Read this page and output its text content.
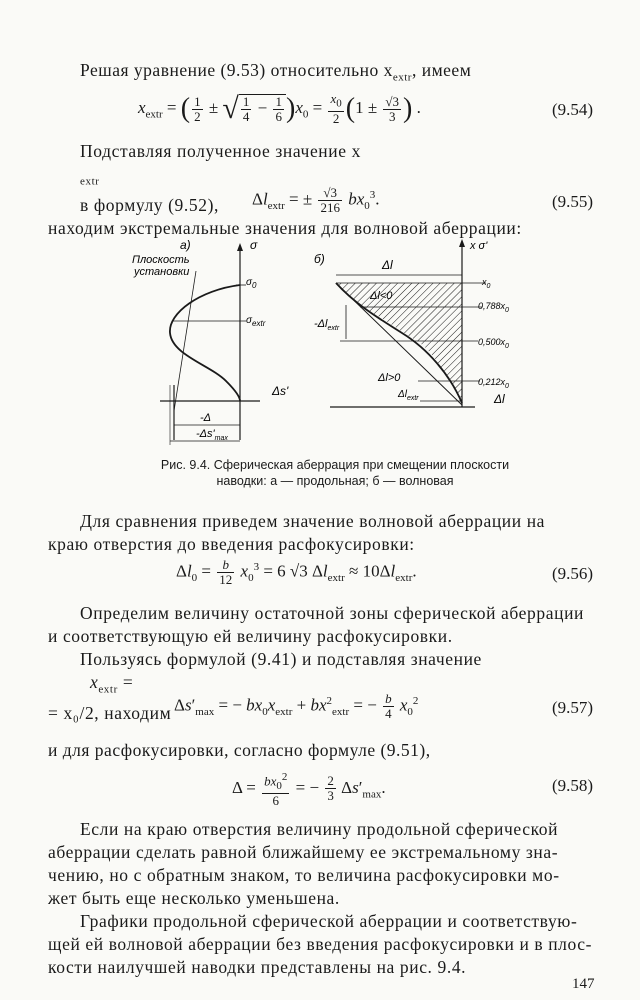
Решая уравнение (9.53) относительно $x_{extr}$, имеем
$x_{extr}$ = ( $\frac{1}{2}$ ± √ $\frac{1}{4} - \frac{1}{6} )x_0 = \frac{x_0}{2} (1 \pm \frac{√3}{3}$ ) .	(9.54)
Подставляя полученное значение x
$_{extr}$
в формулу (9.52),
находим экстремальные значения для волновой аберрации:
$\Delta l_{extr}$ = ± $\frac{√3}{216} bx_0^3$.	(9.55)
а)
Плоскость
установки
σ
$\sigma_0$
$\sigma_{extr}$
Δs'
-Δ
$-\Delta s'_{max}$
б)
x σ'
Δl
Δl
$x_0$
$0,788x_0$
$0,500x_0$
$0,212x_0$
Δl<0
Δl>0
$-\Delta l_{extr}$
$\Delta l_{extr}$
Рис. 9.4. Сферическая аберрация при смещении плоскости
наводки: а — продольная; б — волновая
Для сравнения приведем значение волновой аберрации на
краю отверстия до введения расфокусировки:
$\Delta l_0 = \frac{b}{12} x_0^3 = 6$ √3 $\Delta l_{extr} \approx 10\Delta l_{extr}$.	(9.56)
Определим величину остаточной зоны сферической аберрации
и соответствующую ей величину расфокусировки.
Пользуясь формулой (9.41) и подставляя значение
$x_{extr}$ =
= x₀/2, находим $\Delta s'_{max}$ = − $bx_0x_{extr} + bx^2_{extr}$ = − $\frac{b}{4} x_0^2$	(9.57)
и для расфокусировки, согласно формуле (9.51),
$\Delta = \frac{bx_0^2}{6}$ = − $\frac{2}{3} \Delta s'_{max}$.	(9.58)
Если на краю отверстия величину продольной сферической
аберрации сделать равной ближайшему ее экстремальному зна-
чению, но с обратным знаком, то величина расфокусировки мо-
жет быть еще несколько уменьшена.
Графики продольной сферической аберрации и соответствую-
щей ей волновой аберрации без введения расфокусировки и в плос-
кости наилучшей наводки представлены на рис. 9.4.
147
